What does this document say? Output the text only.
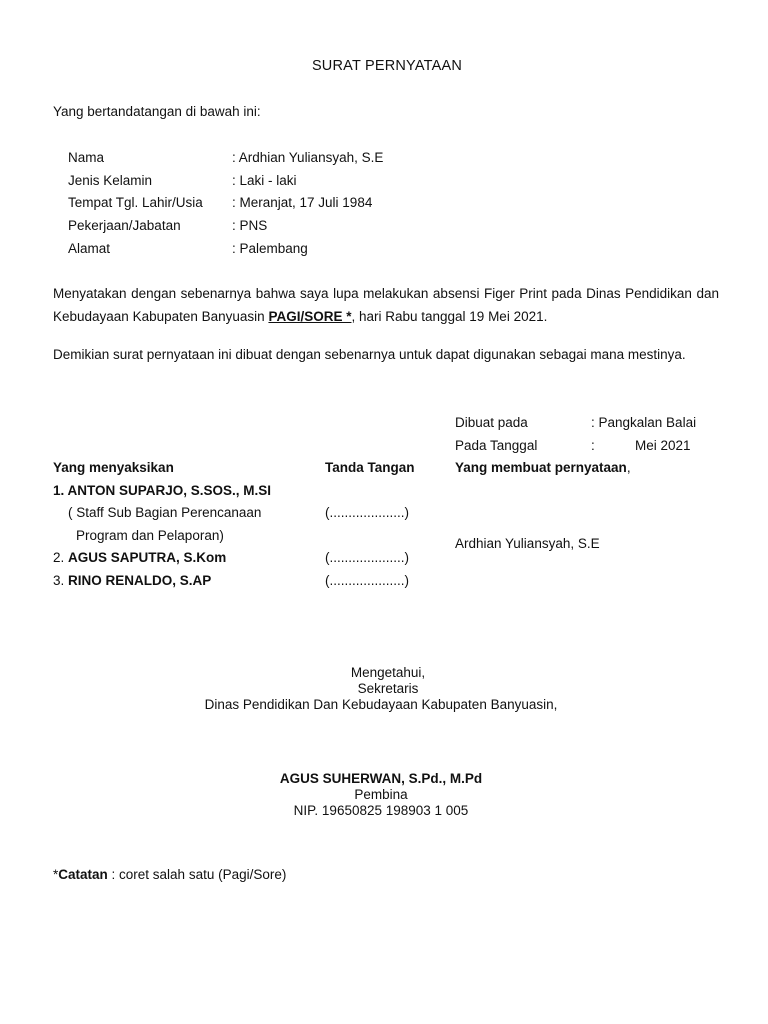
SURAT PERNYATAAN
Yang bertandatangan di bawah ini:
Nama	: Ardhian Yuliansyah, S.E
Jenis Kelamin	: Laki - laki
Tempat Tgl. Lahir/Usia : Meranjat, 17 Juli 1984
Pekerjaan/Jabatan	: PNS
Alamat	: Palembang
Menyatakan dengan sebenarnya bahwa saya lupa melakukan absensi Figer Print pada Dinas Pendidikan dan Kebudayaan Kabupaten Banyuasin PAGI/SORE *, hari Rabu tanggal 19 Mei 2021.
Demikian surat pernyataan ini dibuat dengan sebenarnya untuk dapat digunakan sebagai mana mestinya.
Dibuat pada	: Pangkalan Balai
Pada Tanggal	:	Mei 2021
Yang menyaksikan	Tanda Tangan	Yang membuat pernyataan,
1. ANTON SUPARJO, S.SOS., M.SI
( Staff Sub Bagian Perencanaan	(....................)
Program dan Pelaporan)
Ardhian Yuliansyah, S.E
2. AGUS SAPUTRA, S.Kom	(....................)
3. RINO RENALDO, S.AP	(....................)
Mengetahui,
Sekretaris
Dinas Pendidikan Dan Kebudayaan Kabupaten Banyuasin,
AGUS SUHERWAN, S.Pd., M.Pd
Pembina
NIP. 19650825 198903 1 005
*Catatan : coret salah satu (Pagi/Sore)
